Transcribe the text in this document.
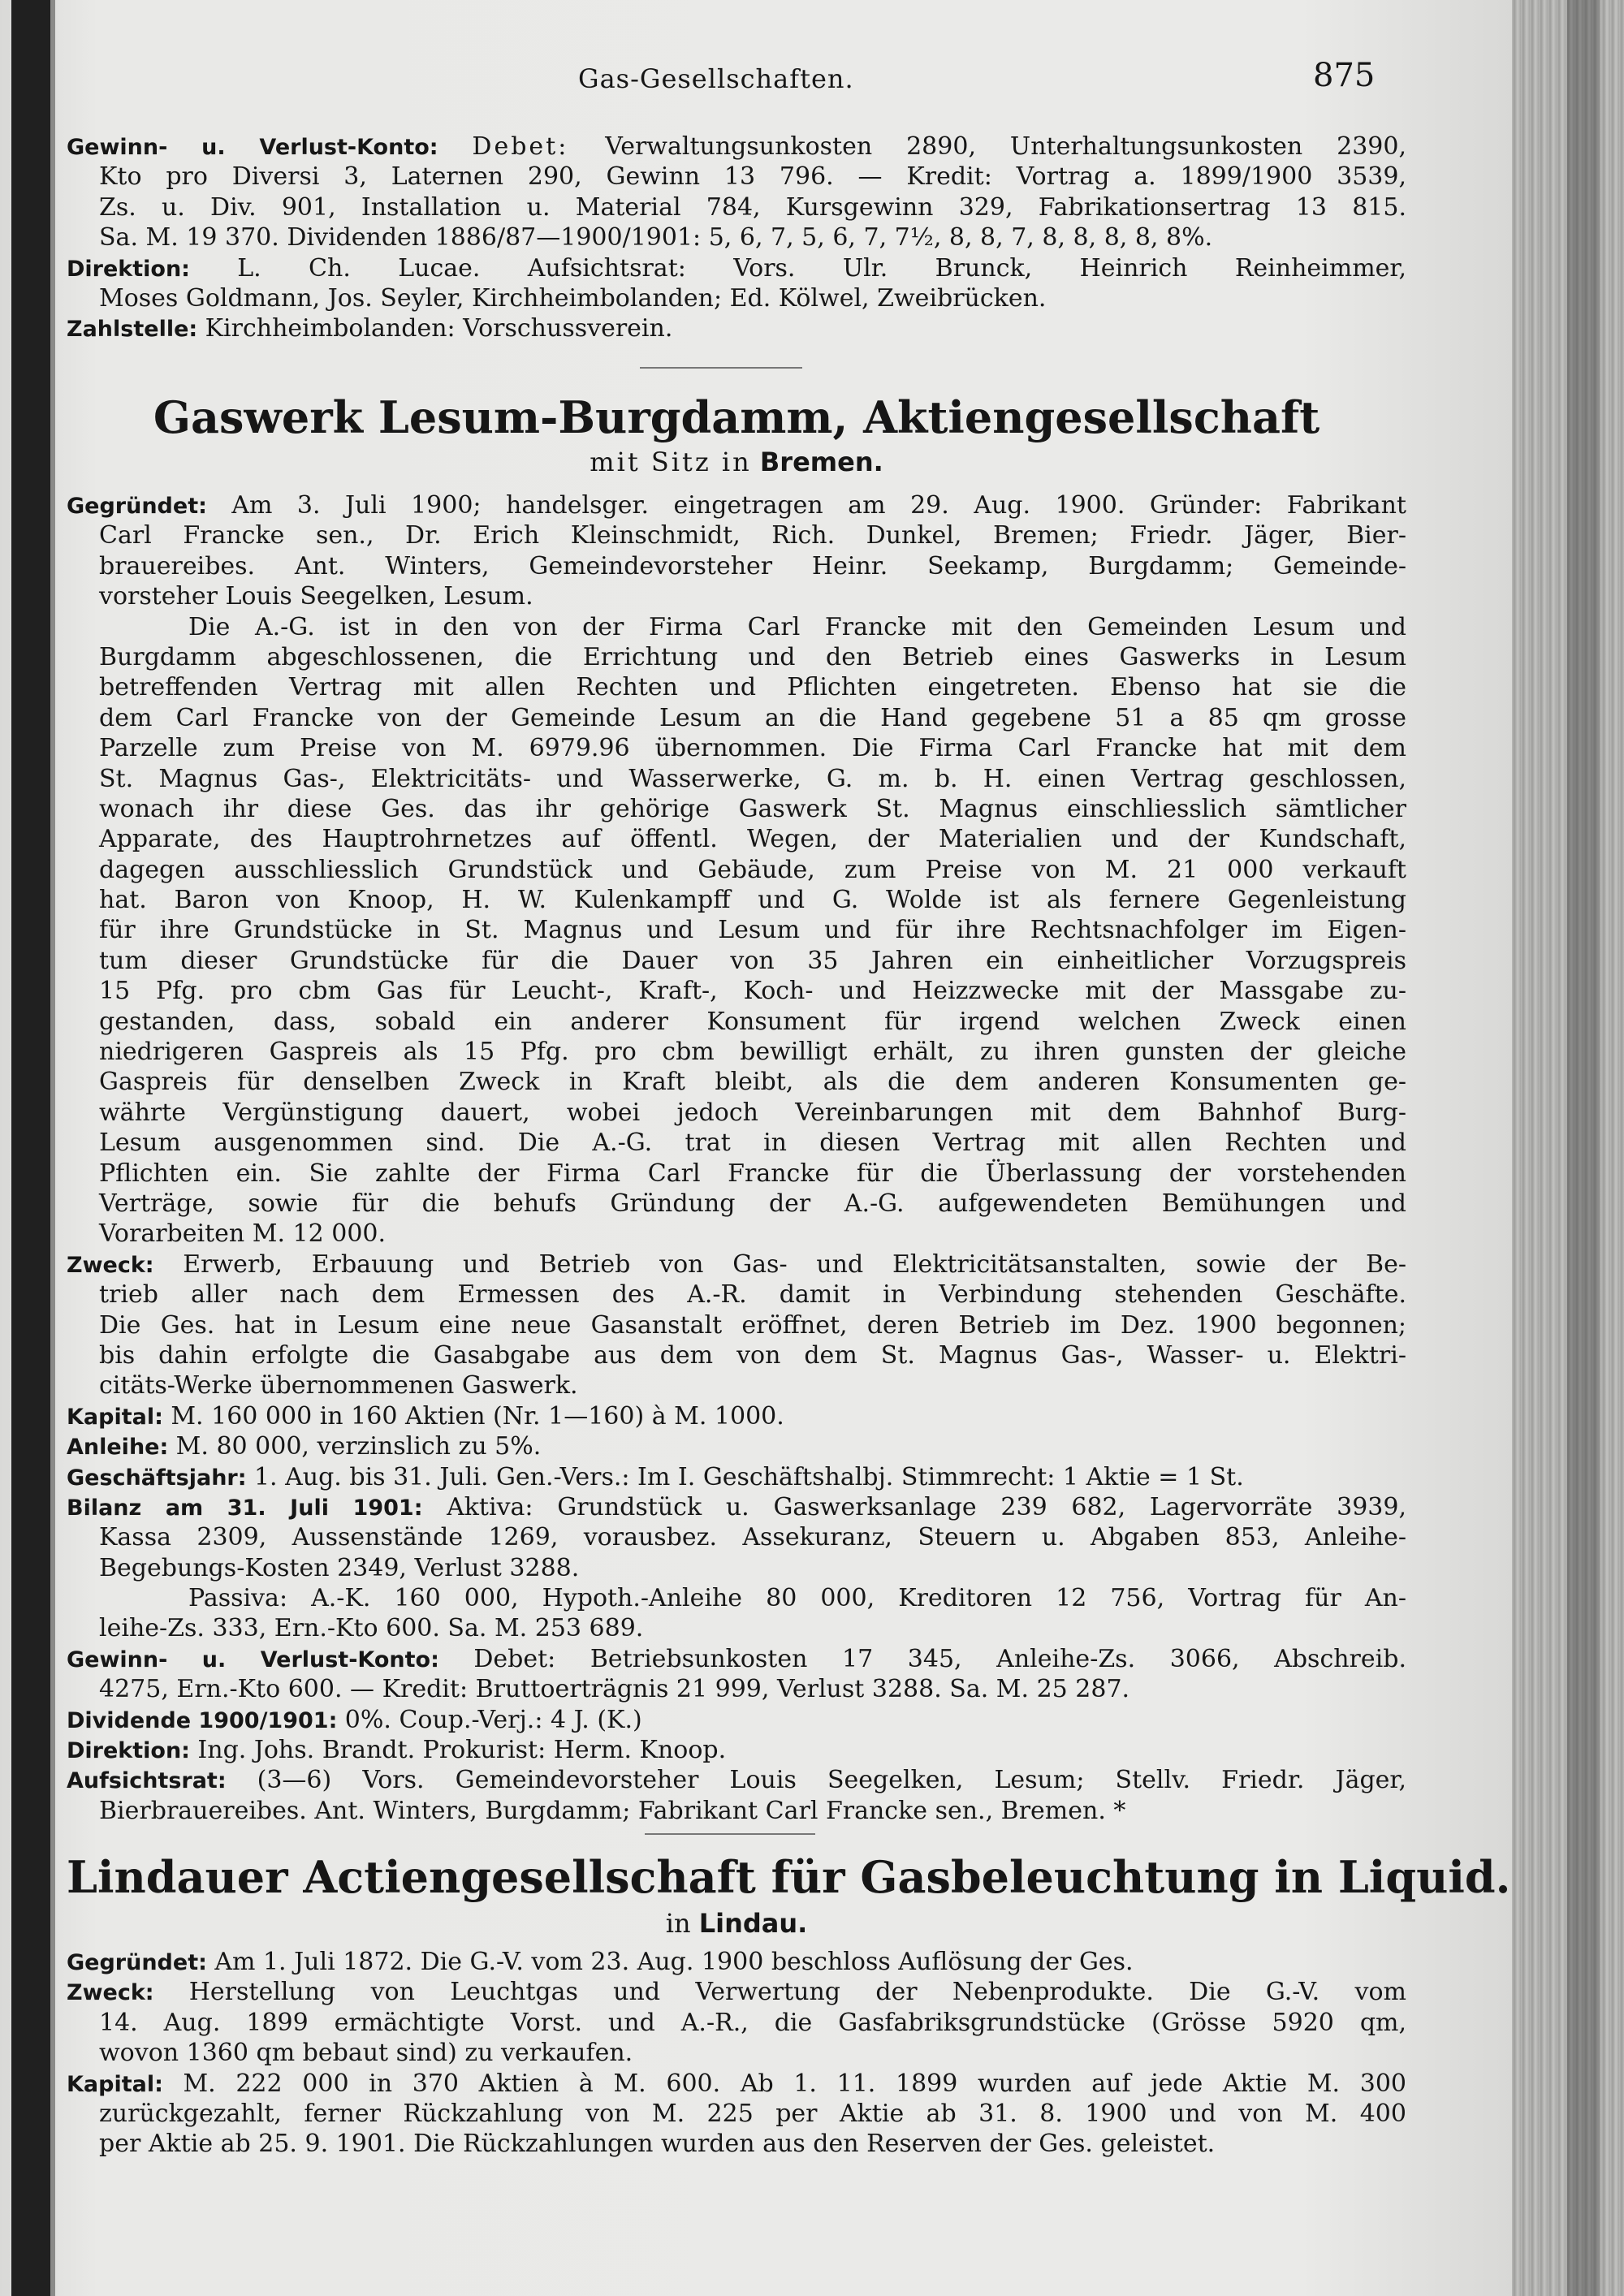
Gas-Gesellschaften.	875
Gewinn- u. Verlust-Konto: Debet: Verwaltungsunkosten 2890, Unterhaltungsunkosten 2390,
Kto pro Diversi 3, Laternen 290, Gewinn 13 796. — Kredit: Vortrag a. 1899/1900 3539,
Zs. u. Div. 901, Installation u. Material 784, Kursgewinn 329, Fabrikationsertrag 13 815.
Sa. M. 19 370. Dividenden 1886/87—1900/1901: 5, 6, 7, 5, 6, 7, 7½, 8, 8, 7, 8, 8, 8, 8, 8%.
Direktion: L. Ch. Lucae. Aufsichtsrat: Vors. Ulr. Brunck, Heinrich Reinheimmer,
Moses Goldmann, Jos. Seyler, Kirchheimbolanden; Ed. Kölwel, Zweibrücken.
Zahlstelle: Kirchheimbolanden: Vorschussverein.
Gaswerk Lesum-Burgdamm, Aktiengesellschaft
mit Sitz in Bremen.
Gegründet: Am 3. Juli 1900; handelsger. eingetragen am 29. Aug. 1900. Gründer: Fabrikant
Carl Francke sen., Dr. Erich Kleinschmidt, Rich. Dunkel, Bremen; Friedr. Jäger, Bier-
brauereibes. Ant. Winters, Gemeindevorsteher Heinr. Seekamp, Burgdamm; Gemeinde-
vorsteher Louis Seegelken, Lesum.
Die A.-G. ist in den von der Firma Carl Francke mit den Gemeinden Lesum und
Burgdamm abgeschlossenen, die Errichtung und den Betrieb eines Gaswerks in Lesum
betreffenden Vertrag mit allen Rechten und Pflichten eingetreten. Ebenso hat sie die
dem Carl Francke von der Gemeinde Lesum an die Hand gegebene 51 a 85 qm grosse
Parzelle zum Preise von M. 6979.96 übernommen. Die Firma Carl Francke hat mit dem
St. Magnus Gas-, Elektricitäts- und Wasserwerke, G. m. b. H. einen Vertrag geschlossen,
wonach ihr diese Ges. das ihr gehörige Gaswerk St. Magnus einschliesslich sämtlicher
Apparate, des Hauptrohrnetzes auf öffentl. Wegen, der Materialien und der Kundschaft,
dagegen ausschliesslich Grundstück und Gebäude, zum Preise von M. 21 000 verkauft
hat. Baron von Knoop, H. W. Kulenkampff und G. Wolde ist als fernere Gegenleistung
für ihre Grundstücke in St. Magnus und Lesum und für ihre Rechtsnachfolger im Eigen-
tum dieser Grundstücke für die Dauer von 35 Jahren ein einheitlicher Vorzugspreis
15 Pfg. pro cbm Gas für Leucht-, Kraft-, Koch- und Heizzwecke mit der Massgabe zu-
gestanden, dass, sobald ein anderer Konsument für irgend welchen Zweck einen
niedrigeren Gaspreis als 15 Pfg. pro cbm bewilligt erhält, zu ihren gunsten der gleiche
Gaspreis für denselben Zweck in Kraft bleibt, als die dem anderen Konsumenten ge-
währte Vergünstigung dauert, wobei jedoch Vereinbarungen mit dem Bahnhof Burg-
Lesum ausgenommen sind. Die A.-G. trat in diesen Vertrag mit allen Rechten und
Pflichten ein. Sie zahlte der Firma Carl Francke für die Überlassung der vorstehenden
Verträge, sowie für die behufs Gründung der A.-G. aufgewendeten Bemühungen und
Vorarbeiten M. 12 000.
Zweck: Erwerb, Erbauung und Betrieb von Gas- und Elektricitätsanstalten, sowie der Be-
trieb aller nach dem Ermessen des A.-R. damit in Verbindung stehenden Geschäfte.
Die Ges. hat in Lesum eine neue Gasanstalt eröffnet, deren Betrieb im Dez. 1900 begonnen;
bis dahin erfolgte die Gasabgabe aus dem von dem St. Magnus Gas-, Wasser- u. Elektri-
citäts-Werke übernommenen Gaswerk.
Kapital: M. 160 000 in 160 Aktien (Nr. 1—160) à M. 1000.
Anleihe: M. 80 000, verzinslich zu 5%.
Geschäftsjahr: 1. Aug. bis 31. Juli. Gen.-Vers.: Im I. Geschäftshalbj. Stimmrecht: 1 Aktie = 1 St.
Bilanz am 31. Juli 1901: Aktiva: Grundstück u. Gaswerksanlage 239 682, Lagervorräte 3939,
Kassa 2309, Aussenstände 1269, vorausbez. Assekuranz, Steuern u. Abgaben 853, Anleihe-
Begebungs-Kosten 2349, Verlust 3288.
Passiva: A.-K. 160 000, Hypoth.-Anleihe 80 000, Kreditoren 12 756, Vortrag für An-
leihe-Zs. 333, Ern.-Kto 600. Sa. M. 253 689.
Gewinn- u. Verlust-Konto: Debet: Betriebsunkosten 17 345, Anleihe-Zs. 3066, Abschreib.
4275, Ern.-Kto 600. — Kredit: Bruttoerträgnis 21 999, Verlust 3288. Sa. M. 25 287.
Dividende 1900/1901: 0%. Coup.-Verj.: 4 J. (K.)
Direktion: Ing. Johs. Brandt. Prokurist: Herm. Knoop.
Aufsichtsrat: (3—6) Vors. Gemeindevorsteher Louis Seegelken, Lesum; Stellv. Friedr. Jäger,
Bierbrauereibes. Ant. Winters, Burgdamm; Fabrikant Carl Francke sen., Bremen. *
Lindauer Actiengesellschaft für Gasbeleuchtung in Liquid.
in Lindau.
Gegründet: Am 1. Juli 1872. Die G.-V. vom 23. Aug. 1900 beschloss Auflösung der Ges.
Zweck: Herstellung von Leuchtgas und Verwertung der Nebenprodukte. Die G.-V. vom
14. Aug. 1899 ermächtigte Vorst. und A.-R., die Gasfabriksgrundstücke (Grösse 5920 qm,
wovon 1360 qm bebaut sind) zu verkaufen.
Kapital: M. 222 000 in 370 Aktien à M. 600. Ab 1. 11. 1899 wurden auf jede Aktie M. 300
zurückgezahlt, ferner Rückzahlung von M. 225 per Aktie ab 31. 8. 1900 und von M. 400
per Aktie ab 25. 9. 1901. Die Rückzahlungen wurden aus den Reserven der Ges. geleistet.
